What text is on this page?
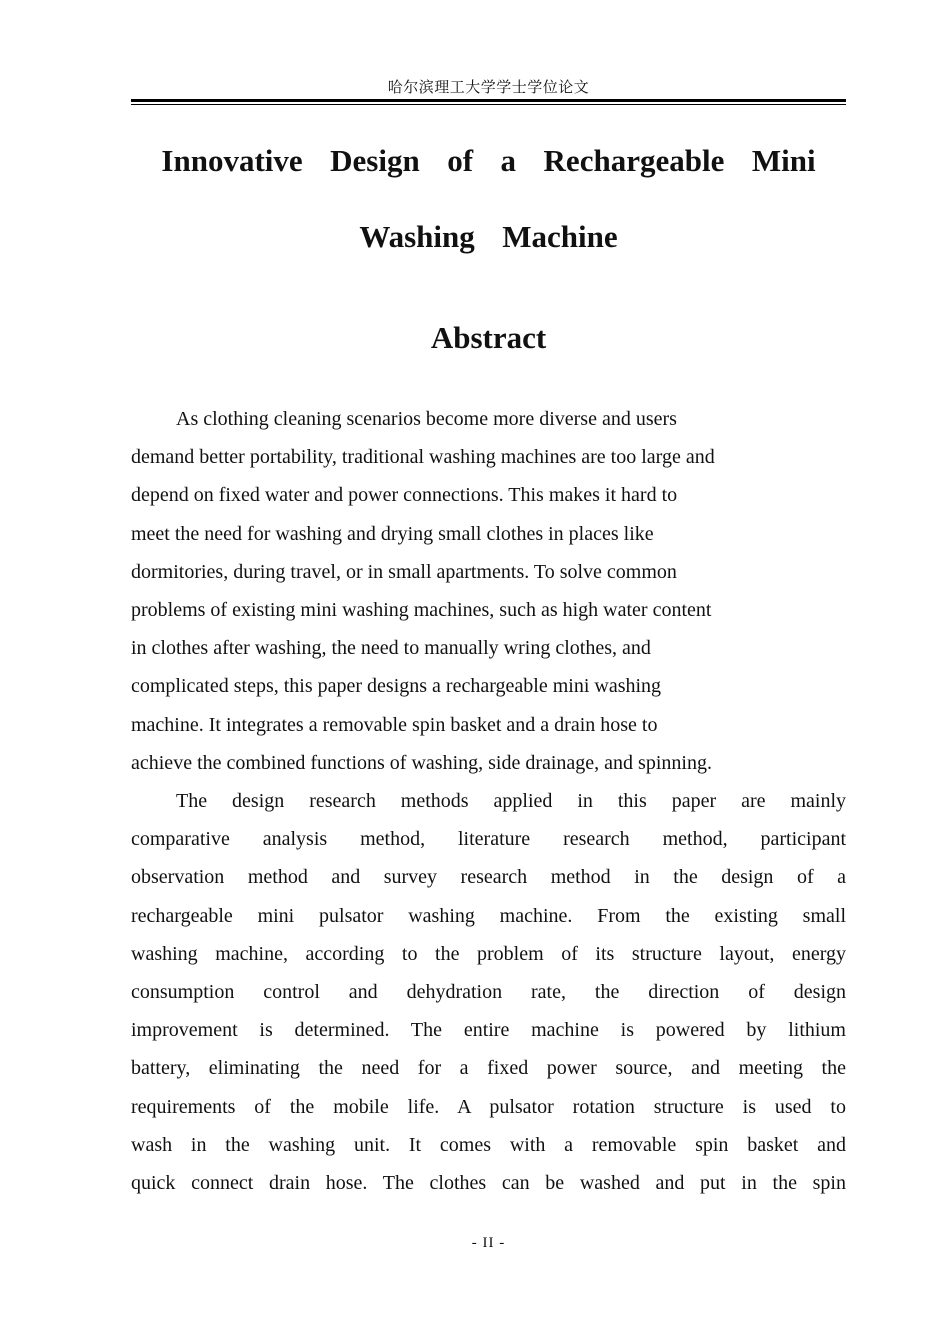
哈尔滨理工大学学士学位论文
Innovative  Design  of  a  Rechargeable  Mini
Washing  Machine
Abstract

As clothing cleaning scenarios become more diverse and users
demand better portability, traditional washing machines are too large and
depend on fixed water and power connections. This makes it hard to
meet the need for washing and drying small clothes in places like
dormitories, during travel, or in small apartments. To solve common
problems of existing mini washing machines, such as high water content
in clothes after washing, the need to manually wring clothes, and
complicated steps, this paper designs a rechargeable mini washing
machine. It integrates a removable spin basket and a drain hose to
achieve the combined functions of washing, side drainage, and spinning.

The design research methods applied in this paper are mainly
comparative analysis method, literature research method, participant
observation method and survey research method in the design of a
rechargeable mini pulsator washing machine. From the existing small
washing machine, according to the problem of its structure layout, energy
consumption control and dehydration rate, the direction of design
improvement is determined. The entire machine is powered by lithium
battery, eliminating the need for a fixed power source, and meeting the
requirements of the mobile life. A pulsator rotation structure is used to
wash in the washing unit. It comes with a removable spin basket and
quick connect drain hose. The clothes can be washed and put in the spin

- II -
